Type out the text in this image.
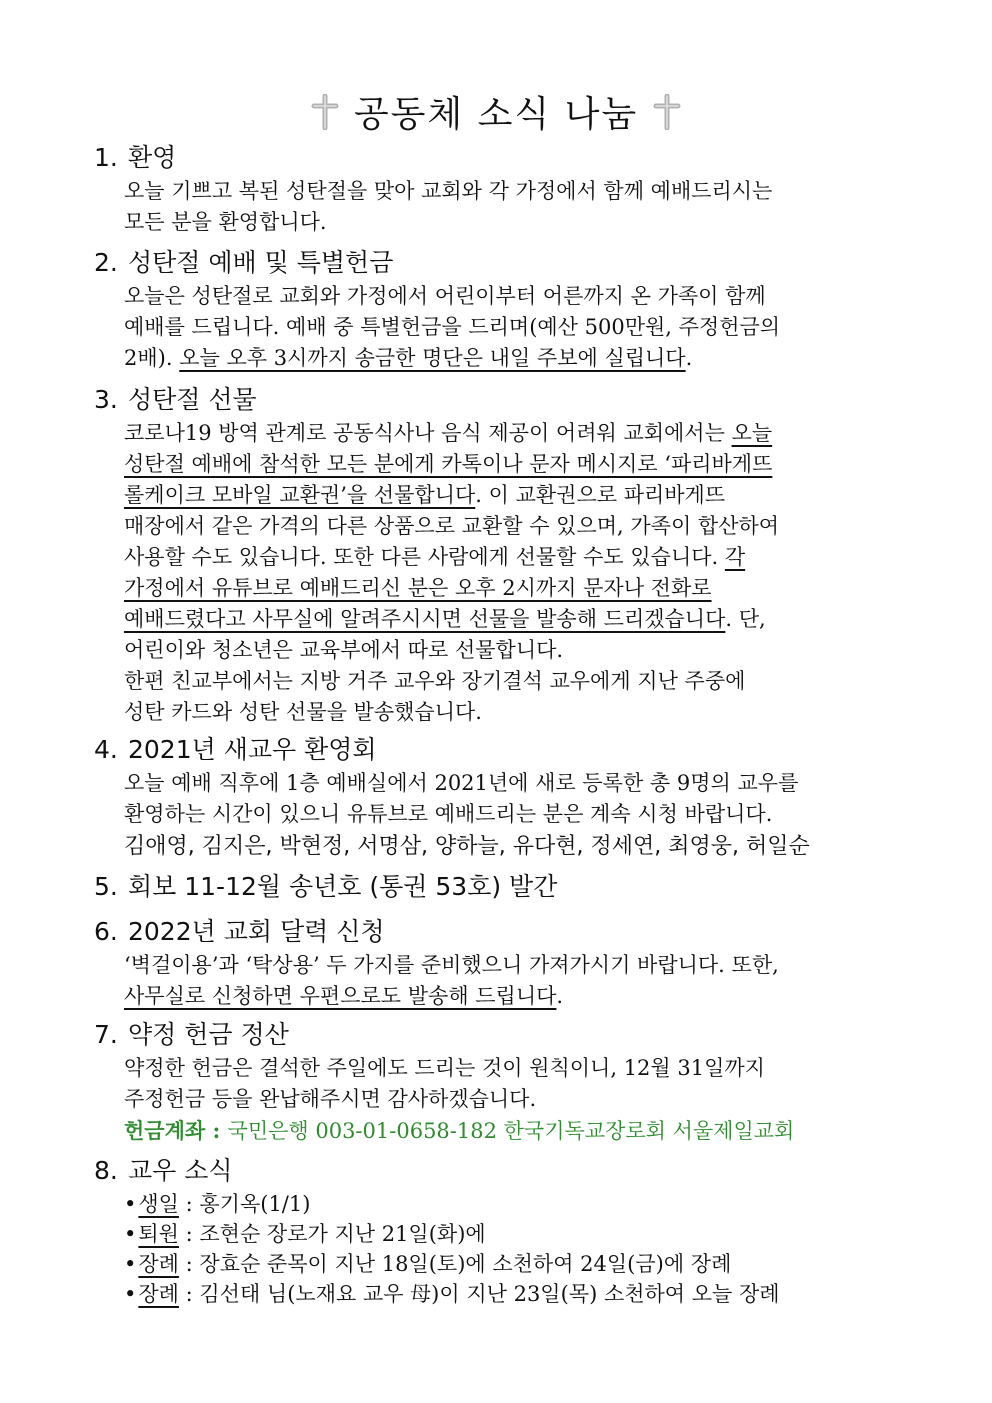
공동체 소식 나눔
1. 환영
오늘 기쁘고 복된 성탄절을 맞아 교회와 각 가정에서 함께 예배드리시는
모든 분을 환영합니다.
2. 성탄절 예배 및 특별헌금
오늘은 성탄절로 교회와 가정에서 어린이부터 어른까지 온 가족이 함께
예배를 드립니다. 예배 중 특별헌금을 드리며(예산 500만원, 주정헌금의
2배). 오늘 오후 3시까지 송금한 명단은 내일 주보에 실립니다.
3. 성탄절 선물
코로나19 방역 관계로 공동식사나 음식 제공이 어려워 교회에서는 오늘
성탄절 예배에 참석한 모든 분에게 카톡이나 문자 메시지로 ‘파리바게뜨
롤케이크 모바일 교환권’을 선물합니다. 이 교환권으로 파리바게뜨
매장에서 같은 가격의 다른 상품으로 교환할 수 있으며, 가족이 합산하여
사용할 수도 있습니다. 또한 다른 사람에게 선물할 수도 있습니다. 각
가정에서 유튜브로 예배드리신 분은 오후 2시까지 문자나 전화로
예배드렸다고 사무실에 알려주시시면 선물을 발송해 드리겠습니다. 단,
어린이와 청소년은 교육부에서 따로 선물합니다.
한편 친교부에서는 지방 거주 교우와 장기결석 교우에게 지난 주중에
성탄 카드와 성탄 선물을 발송했습니다.
4. 2021년 새교우 환영회
오늘 예배 직후에 1층 예배실에서 2021년에 새로 등록한 총 9명의 교우를
환영하는 시간이 있으니 유튜브로 예배드리는 분은 계속 시청 바랍니다.
김애영, 김지은, 박현정, 서명삼, 양하늘, 유다현, 정세연, 최영웅, 허일순
5. 회보 11-12월 송년호 (통권 53호) 발간
6. 2022년 교회 달력 신청
‘벽걸이용’과 ‘탁상용’ 두 가지를 준비했으니 가져가시기 바랍니다. 또한,
사무실로 신청하면 우편으로도 발송해 드립니다.
7. 약정 헌금 정산
약정한 헌금은 결석한 주일에도 드리는 것이 원칙이니, 12월 31일까지
주정헌금 등을 완납해주시면 감사하겠습니다.
헌금계좌 : 국민은행 003-01-0658-182 한국기독교장로회 서울제일교회
8. 교우 소식
•생일 : 홍기옥(1/1)
•퇴원 : 조현순 장로가 지난 21일(화)에
•장례 : 장효순 준목이 지난 18일(토)에 소천하여 24일(금)에 장례
•장례 : 김선태 님(노재요 교우 母)이 지난 23일(목) 소천하여 오늘 장례
